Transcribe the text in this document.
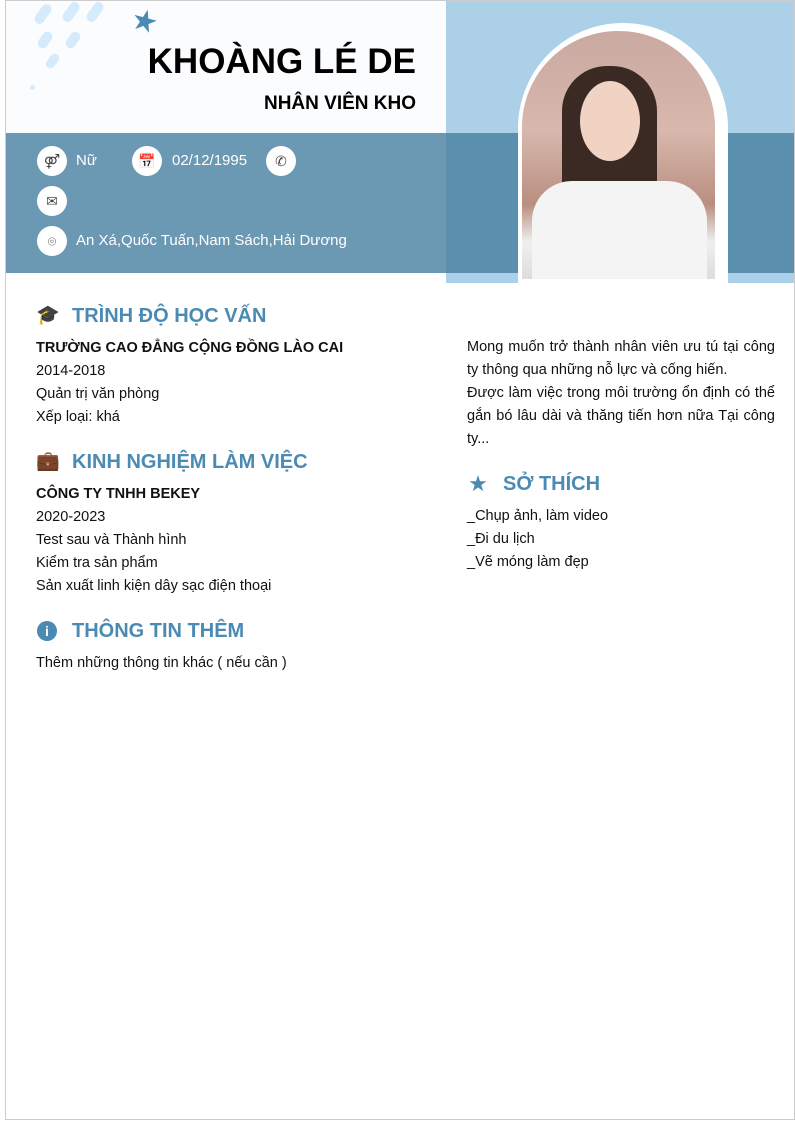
★
KHOÀNG LÉ DE
NHÂN VIÊN KHO
⚤	Nữ	📅	02/12/1995	✆
✉
⌾	An Xá,Quốc Tuấn,Nam Sách,Hải Dương
🎓 TRÌNH ĐỘ HỌC VẤN
TRƯỜNG CAO ĐẲNG CỘNG ĐỒNG LÀO CAI
2014-2018
Quản trị văn phòng
Xếp loại: khá
💼 KINH NGHIỆM LÀM VIỆC
CÔNG TY TNHH BEKEY
2020-2023
Test sau và Thành hình
Kiểm tra sản phẩm
Sản xuất linh kiện dây sạc điện thoại
i	THÔNG TIN THÊM
Thêm những thông tin khác ( nếu cần )
Mong muốn trở thành nhân viên ưu tú tại công ty thông qua những nỗ lực và cống hiến.
Được làm việc trong môi trường ổn định có thể gắn bó lâu dài và thăng tiến hơn nữa Tại công ty...
★ SỞ THÍCH
_Chụp ảnh, làm video
_Đi du lịch
_Vẽ móng làm đẹp
